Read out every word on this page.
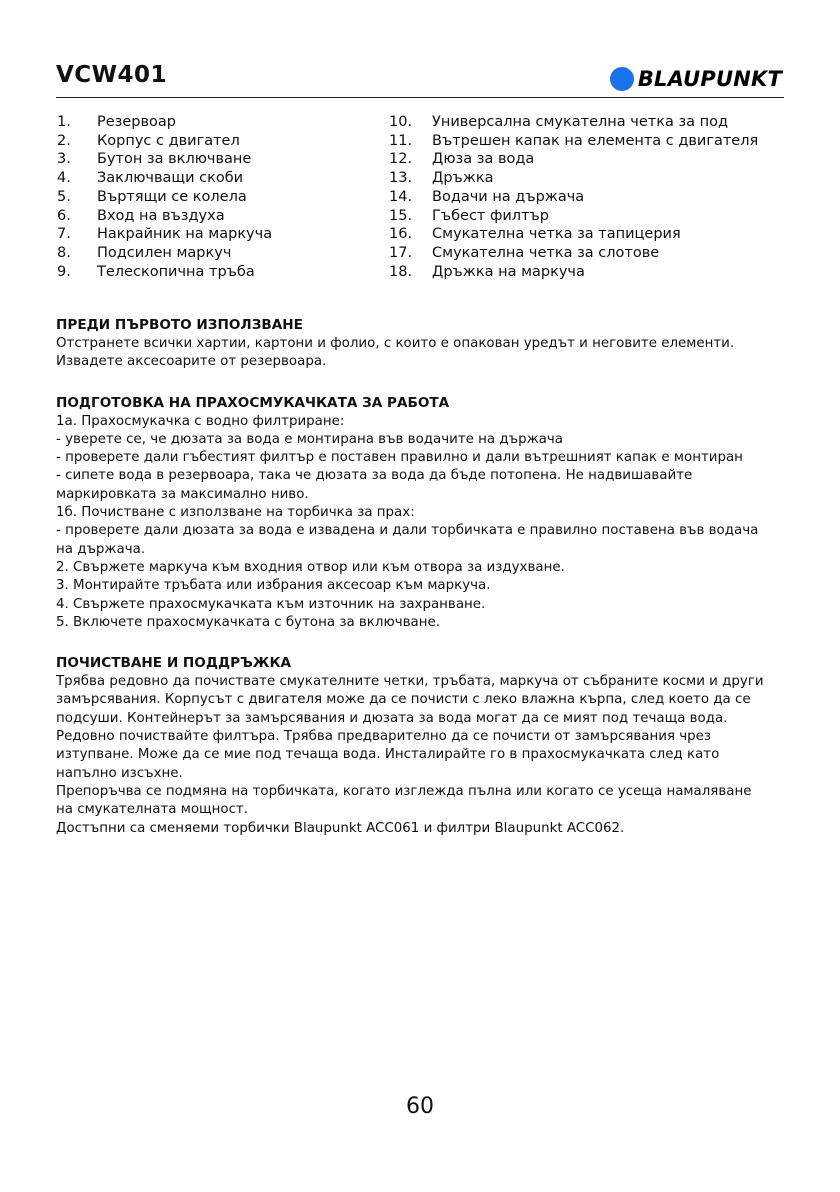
VCW401	BLAUPUNKT
1.	Резервоар
2.	Корпус с двигател
3.	Бутон за включване
4.	Заключващи скоби
5.	Въртящи се колела
6.	Вход на въздуха
7.	Накрайник на маркуча
8.	Подсилен маркуч
9.	Телескопична тръба
10.	Универсална смукателна четка за под
11.	Вътрешен капак на елемента с двигателя
12.	Дюза за вода
13.	Дръжка
14.	Водачи на държача
15.	Гъбест филтър
16.	Смукателна четка за тапицерия
17.	Смукателна четка за слотове
18.	Дръжка на маркуча
ПРЕДИ ПЪРВОТО ИЗПОЛЗВАНЕ

Отстранете всички хартии, картони и фолио, с които е опакован уредът и неговите елементи.

Извадете аксесоарите от резервоара.

ПОДГОТОВКА НА ПРАХОСМУКАЧКАТА ЗА РАБОТА

1а. Прахосмукачка с водно филтриране:

- уверете се, че дюзата за вода е монтирана във водачите на държача

- проверете дали гъбестият филтър е поставен правилно и дали вътрешният капак е монтиран

- сипете вода в резервоара, така че дюзата за вода да бъде потопена. Не надвишавайте

маркировката за максимално ниво.

1б. Почистване с използване на торбичка за прах:

- проверете дали дюзата за вода е извадена и дали торбичката е правилно поставена във водача

на държача.

2. Свържете маркуча към входния отвор или към отвора за издухване.

3. Монтирайте тръбата или избрания аксесоар към маркуча.

4. Свържете прахосмукачката към източник на захранване.

5. Включете прахосмукачката с бутона за включване.

ПОЧИСТВАНЕ И ПОДДРЪЖКА

Трябва редовно да почиствате смукателните четки, тръбата, маркуча от събраните косми и други

замърсявания. Корпусът с двигателя може да се почисти с леко влажна кърпа, след което да се

подсуши. Контейнерът за замърсявания и дюзата за вода могат да се мият под течаща вода.

Редовно почиствайте филтъра. Трябва предварително да се почисти от замърсявания чрез

изтупване. Може да се мие под течаща вода. Инсталирайте го в прахосмукачката след като

напълно изсъхне.

Препоръчва се подмяна на торбичката, когато изглежда пълна или когато се усеща намаляване

на смукателната мощност.

Достъпни са сменяеми торбички Blaupunkt ACC061 и филтри Blaupunkt ACC062.

60
